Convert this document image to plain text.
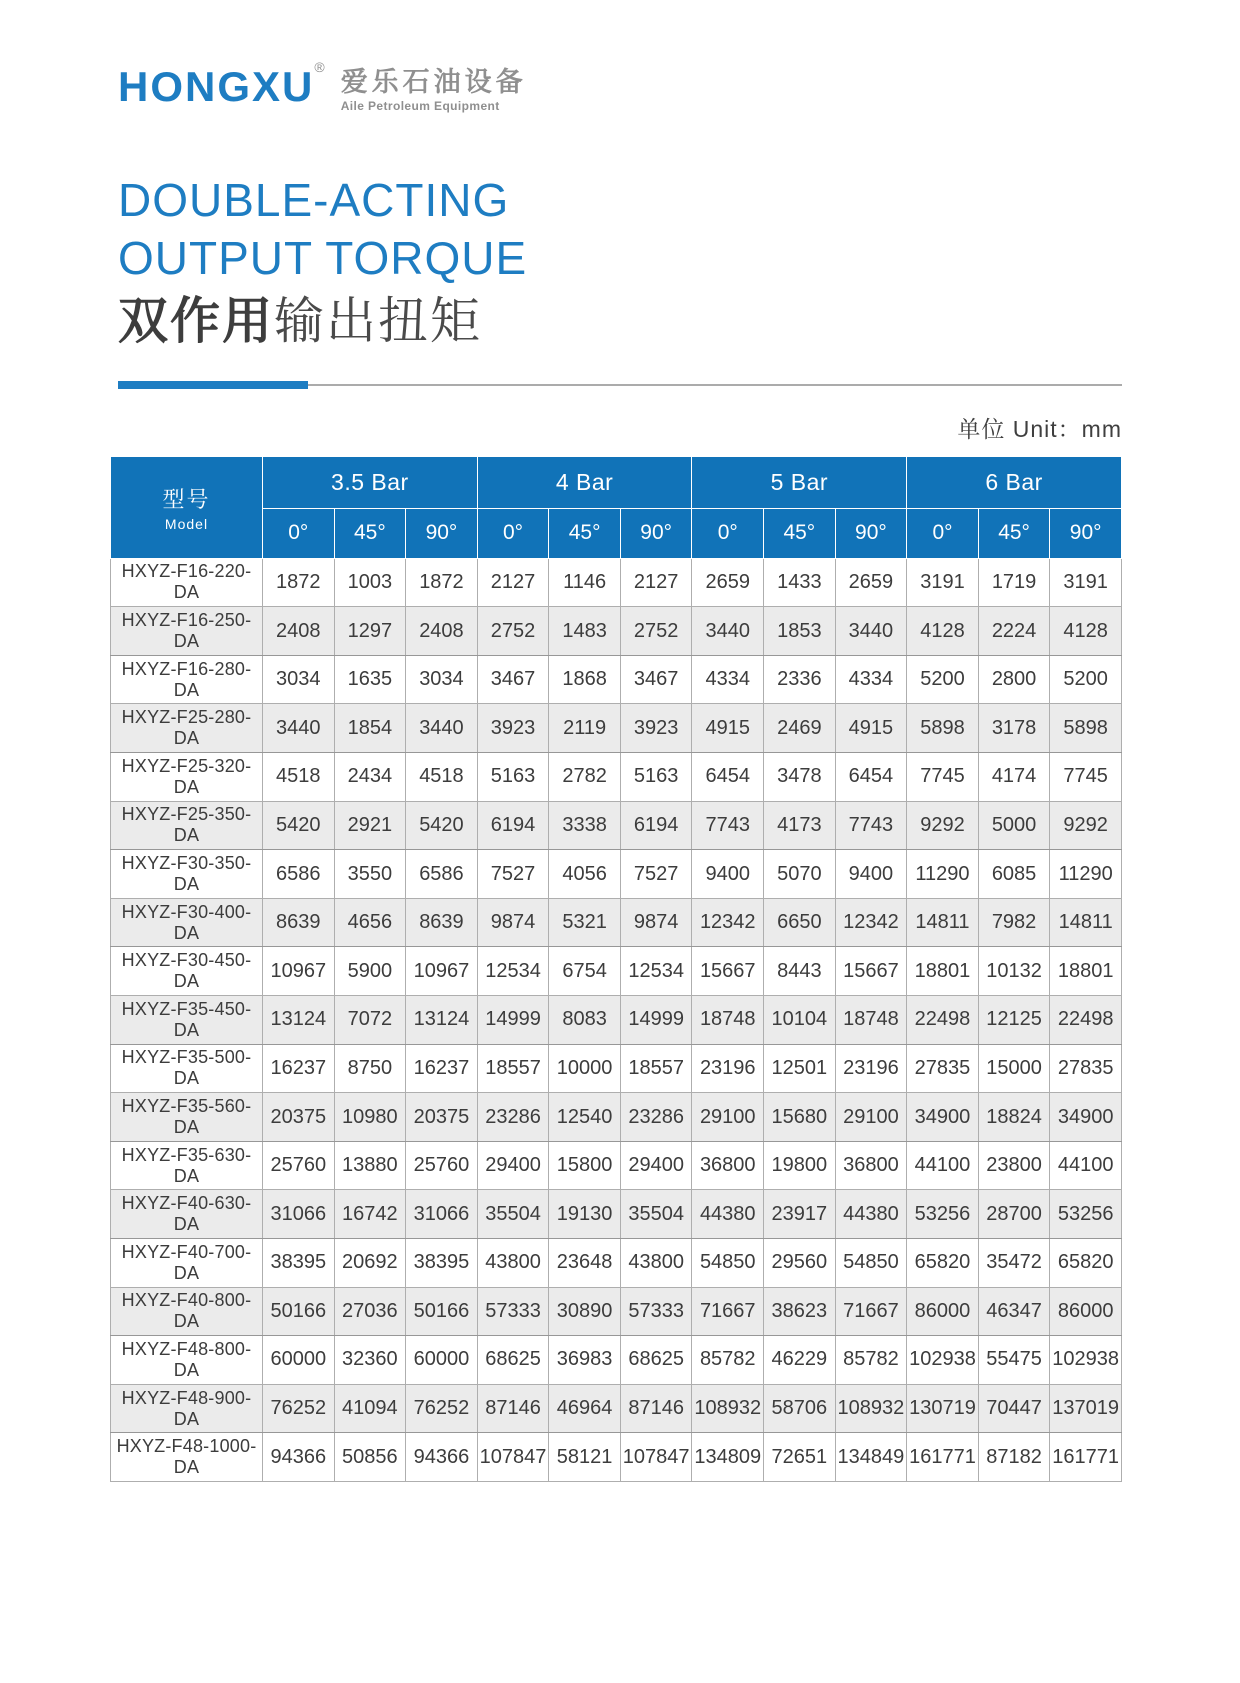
HONGXU® 爱乐石油设备
Aile Petroleum Equipment
DOUBLE-ACTING
OUTPUT TORQUE
双作用输出扭矩
单位 Unit：mm
型号
Model	3.5 Bar			4 Bar			5 Bar			6 Bar		
	0°	45°	90°	0°	45°	90°	0°	45°	90°	0°	45°	90°
HXYZ-F16-220-DA	1872	1003	1872	2127	1146	2127	2659	1433	2659	3191	1719	3191
HXYZ-F16-250-DA	2408	1297	2408	2752	1483	2752	3440	1853	3440	4128	2224	4128
HXYZ-F16-280-DA	3034	1635	3034	3467	1868	3467	4334	2336	4334	5200	2800	5200
HXYZ-F25-280-DA	3440	1854	3440	3923	2119	3923	4915	2469	4915	5898	3178	5898
HXYZ-F25-320-DA	4518	2434	4518	5163	2782	5163	6454	3478	6454	7745	4174	7745
HXYZ-F25-350-DA	5420	2921	5420	6194	3338	6194	7743	4173	7743	9292	5000	9292
HXYZ-F30-350-DA	6586	3550	6586	7527	4056	7527	9400	5070	9400	11290	6085	11290
HXYZ-F30-400-DA	8639	4656	8639	9874	5321	9874	12342	6650	12342	14811	7982	14811
HXYZ-F30-450-DA	10967	5900	10967	12534	6754	12534	15667	8443	15667	18801	10132	18801
HXYZ-F35-450-DA	13124	7072	13124	14999	8083	14999	18748	10104	18748	22498	12125	22498
HXYZ-F35-500-DA	16237	8750	16237	18557	10000	18557	23196	12501	23196	27835	15000	27835
HXYZ-F35-560-DA	20375	10980	20375	23286	12540	23286	29100	15680	29100	34900	18824	34900
HXYZ-F35-630-DA	25760	13880	25760	29400	15800	29400	36800	19800	36800	44100	23800	44100
HXYZ-F40-630-DA	31066	16742	31066	35504	19130	35504	44380	23917	44380	53256	28700	53256
HXYZ-F40-700-DA	38395	20692	38395	43800	23648	43800	54850	29560	54850	65820	35472	65820
HXYZ-F40-800-DA	50166	27036	50166	57333	30890	57333	71667	38623	71667	86000	46347	86000
HXYZ-F48-800-DA	60000	32360	60000	68625	36983	68625	85782	46229	85782	102938	55475	102938
HXYZ-F48-900-DA	76252	41094	76252	87146	46964	87146	108932	58706	108932	130719	70447	137019
HXYZ-F48-1000-DA	94366	50856	94366	107847	58121	107847	134809	72651	134849	161771	87182	161771
